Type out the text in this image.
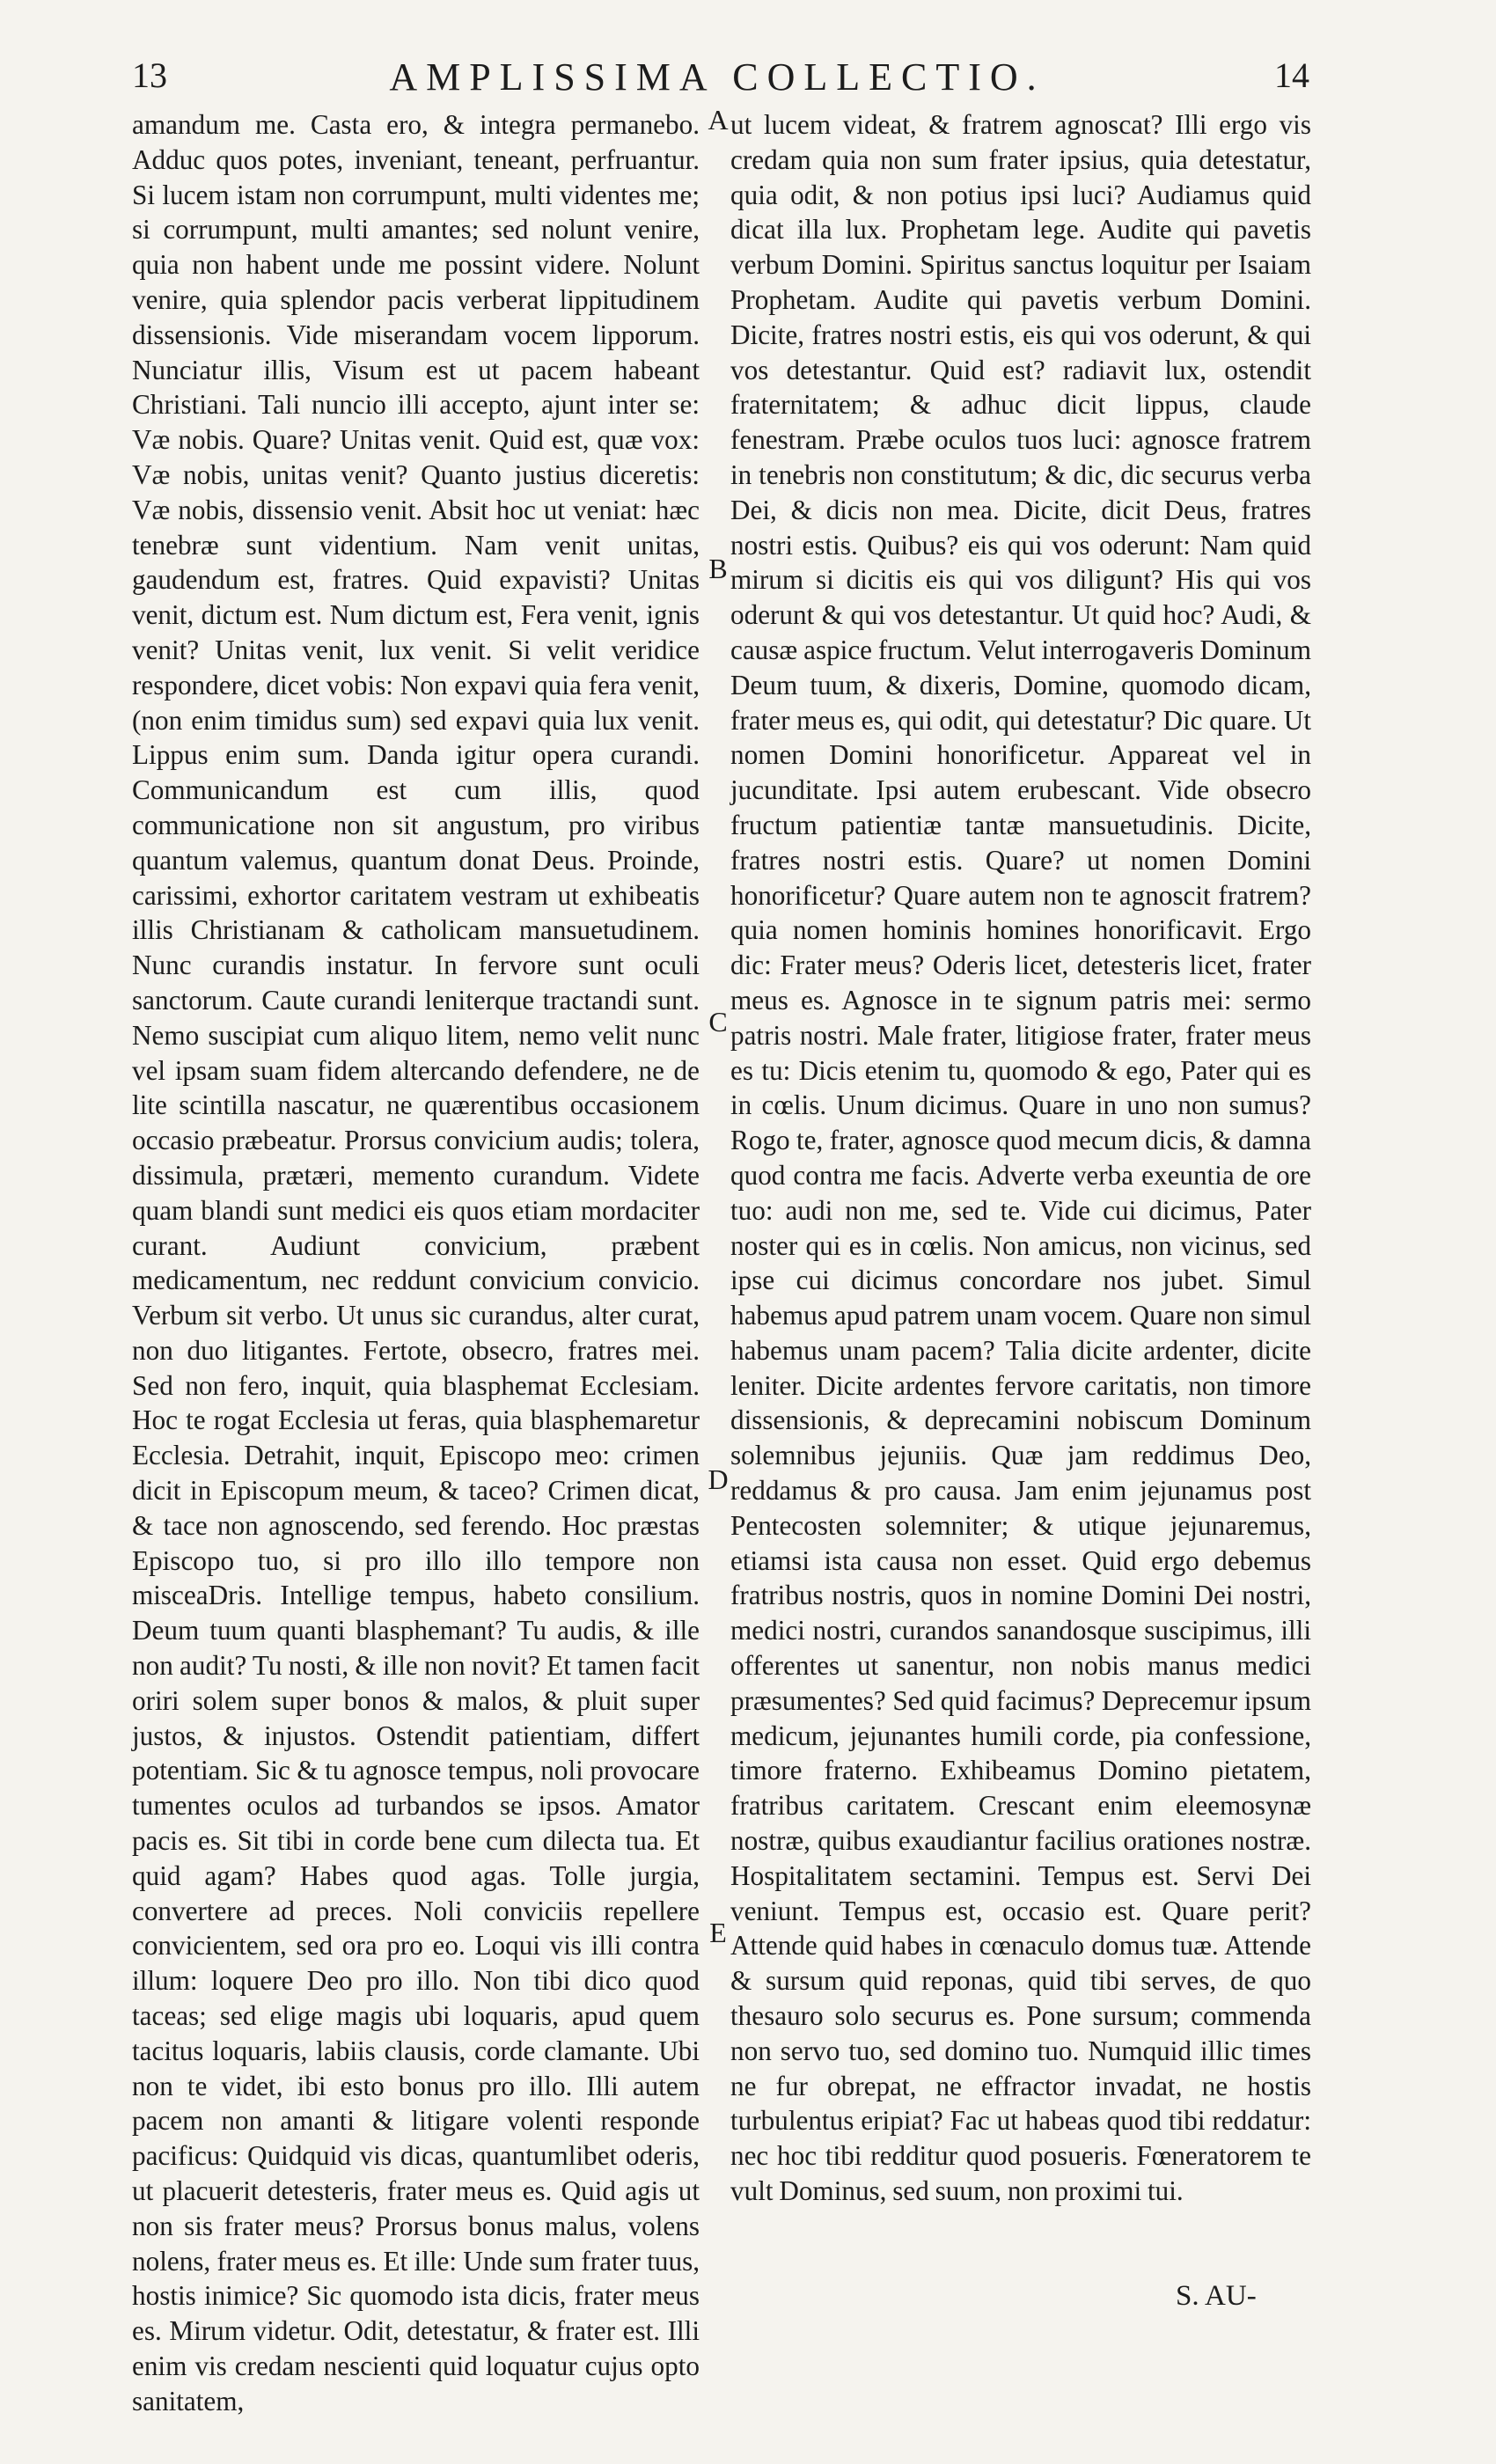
13	AMPLISSIMA COLLECTIO.	14

amandum me. Casta ero, & integra permanebo. Adduc quos potes, inveniant, teneant, perfruantur. Si lucem istam non corrumpunt, multi videntes me; si corrumpunt, multi amantes; sed nolunt venire, quia non habent unde me possint videre. Nolunt venire, quia splendor pacis verberat lippitudinem dissensionis. Vide miserandam vocem lipporum. Nunciatur illis, Visum est ut pacem habeant Christiani. Tali nuncio illi accepto, ajunt inter se: Væ nobis. Quare? Unitas venit. Quid est, quæ vox: Væ nobis, unitas venit? Quanto justius diceretis: Væ nobis, dissensio venit. Absit hoc ut veniat: hæc tenebræ sunt videntium. Nam venit unitas, gaudendum est, fratres. Quid expavisti? Unitas venit, dictum est. Num dictum est, Fera venit, ignis venit? Unitas venit, lux venit. Si velit veridice respondere, dicet vobis: Non expavi quia fera venit, (non enim timidus sum) sed expavi quia lux venit. Lippus enim sum. Danda igitur opera curandi. Communicandum est cum illis, quod communicatione non sit angustum, pro viribus quantum valemus, quantum donat Deus. Proinde, carissimi, exhortor caritatem vestram ut exhibeatis illis Christianam & catholicam mansuetudinem. Nunc curandis instatur. In fervore sunt oculi sanctorum. Caute curandi leniterque tractandi sunt. Nemo suscipiat cum aliquo litem, nemo velit nunc vel ipsam suam fidem altercando defendere, ne de lite scintilla nascatur, ne quærentibus occasionem occasio præbeatur. Prorsus convicium audis; tolera, dissimula, prætæri, memento curandum. Videte quam blandi sunt medici eis quos etiam mordaciter curant. Audiunt convicium, præbent medicamentum, nec reddunt convicium convicio. Verbum sit verbo. Ut unus sic curandus, alter curat, non duo litigantes. Fertote, obsecro, fratres mei. Sed non fero, inquit, quia blasphemat Ecclesiam. Hoc te rogat Ecclesia ut feras, quia blasphemaretur Ecclesia. Detrahit, inquit, Episcopo meo: crimen dicit in Episcopum meum, & taceo? Crimen dicat, & tace non agnoscendo, sed ferendo. Hoc præstas Episcopo tuo, si pro illo illo tempore non misceaDris. Intellige tempus, habeto consilium. Deum tuum quanti blasphemant? Tu audis, & ille non audit? Tu nosti, & ille non novit? Et tamen facit oriri solem super bonos & malos, & pluit super justos, & injustos. Ostendit patientiam, differt potentiam. Sic & tu agnosce tempus, noli provocare tumentes oculos ad turbandos se ipsos. Amator pacis es. Sit tibi in corde bene cum dilecta tua. Et quid agam? Habes quod agas. Tolle jurgia, convertere ad preces. Noli conviciis repellere convicientem, sed ora pro eo. Loqui vis illi contra illum: loquere Deo pro illo. Non tibi dico quod taceas; sed elige magis ubi loquaris, apud quem tacitus loquaris, labiis clausis, corde clamante. Ubi non te videt, ibi esto bonus pro illo. Illi autem pacem non amanti & litigare volenti responde pacificus: Quidquid vis dicas, quantumlibet oderis, ut placuerit detesteris, frater meus es. Quid agis ut non sis frater meus? Prorsus bonus malus, volens nolens, frater meus es. Et ille: Unde sum frater tuus, hostis inimice? Sic quomodo ista dicis, frater meus es. Mirum videtur. Odit, detestatur, & frater est. Illi enim vis credam nescienti quid loquatur cujus opto sanitatem,

ut lucem videat, & fratrem agnoscat? Illi ergo vis credam quia non sum frater ipsius, quia detestatur, quia odit, & non potius ipsi luci? Audiamus quid dicat illa lux. Prophetam lege. Audite qui pavetis verbum Domini. Spiritus sanctus loquitur per Isaiam Prophetam. Audite qui pavetis verbum Domini. Dicite, fratres nostri estis, eis qui vos oderunt, & qui vos detestantur. Quid est? radiavit lux, ostendit fraternitatem; & adhuc dicit lippus, claude fenestram. Præbe oculos tuos luci: agnosce fratrem in tenebris non constitutum; & dic, dic securus verba Dei, & dicis non mea. Dicite, dicit Deus, fratres nostri estis. Quibus? eis qui vos oderunt: Nam quid mirum si dicitis eis qui vos diligunt? His qui vos oderunt & qui vos detestantur. Ut quid hoc? Audi, & causæ aspice fructum. Velut interrogaveris Dominum Deum tuum, & dixeris, Domine, quomodo dicam, frater meus es, qui odit, qui detestatur? Dic quare. Ut nomen Domini honorificetur. Appareat vel in jucunditate. Ipsi autem erubescant. Vide obsecro fructum patientiæ tantæ mansuetudinis. Dicite, fratres nostri estis. Quare? ut nomen Domini honorificetur? Quare autem non te agnoscit fratrem? quia nomen hominis homines honorificavit. Ergo dic: Frater meus? Oderis licet, detesteris licet, frater meus es. Agnosce in te signum patris mei: sermo patris nostri. Male frater, litigiose frater, frater meus es tu: Dicis etenim tu, quomodo & ego, Pater qui es in cœlis. Unum dicimus. Quare in uno non sumus? Rogo te, frater, agnosce quod mecum dicis, & damna quod contra me facis. Adverte verba exeuntia de ore tuo: audi non me, sed te. Vide cui dicimus, Pater noster qui es in cœlis. Non amicus, non vicinus, sed ipse cui dicimus concordare nos jubet. Simul habemus apud patrem unam vocem. Quare non simul habemus unam pacem? Talia dicite ardenter, dicite leniter. Dicite ardentes fervore caritatis, non timore dissensionis, & deprecamini nobiscum Dominum solemnibus jejuniis. Quæ jam reddimus Deo, reddamus & pro causa. Jam enim jejunamus post Pentecosten solemniter; & utique jejunaremus, etiamsi ista causa non esset. Quid ergo debemus fratribus nostris, quos in nomine Domini Dei nostri, medici nostri, curandos sanandosque suscipimus, illi offerentes ut sanentur, non nobis manus medici præsumentes? Sed quid facimus? Deprecemur ipsum medicum, jejunantes humili corde, pia confessione, timore fraterno. Exhibeamus Domino pietatem, fratribus caritatem. Crescant enim eleemosynæ nostræ, quibus exaudiantur facilius orationes nostræ. Hospitalitatem sectamini. Tempus est. Servi Dei veniunt. Tempus est, occasio est. Quare perit? Attende quid habes in cœnaculo domus tuæ. Attende & sursum quid reponas, quid tibi serves, de quo thesauro solo securus es. Pone sursum; commenda non servo tuo, sed domino tuo. Numquid illic times ne fur obrepat, ne effractor invadat, ne hostis turbulentus eripiat? Fac ut habeas quod tibi reddatur: nec hoc tibi redditur quod posueris. Fœneratorem te vult Dominus, sed suum, non proximi tui.

A
B
C
D
E
S. AU-
